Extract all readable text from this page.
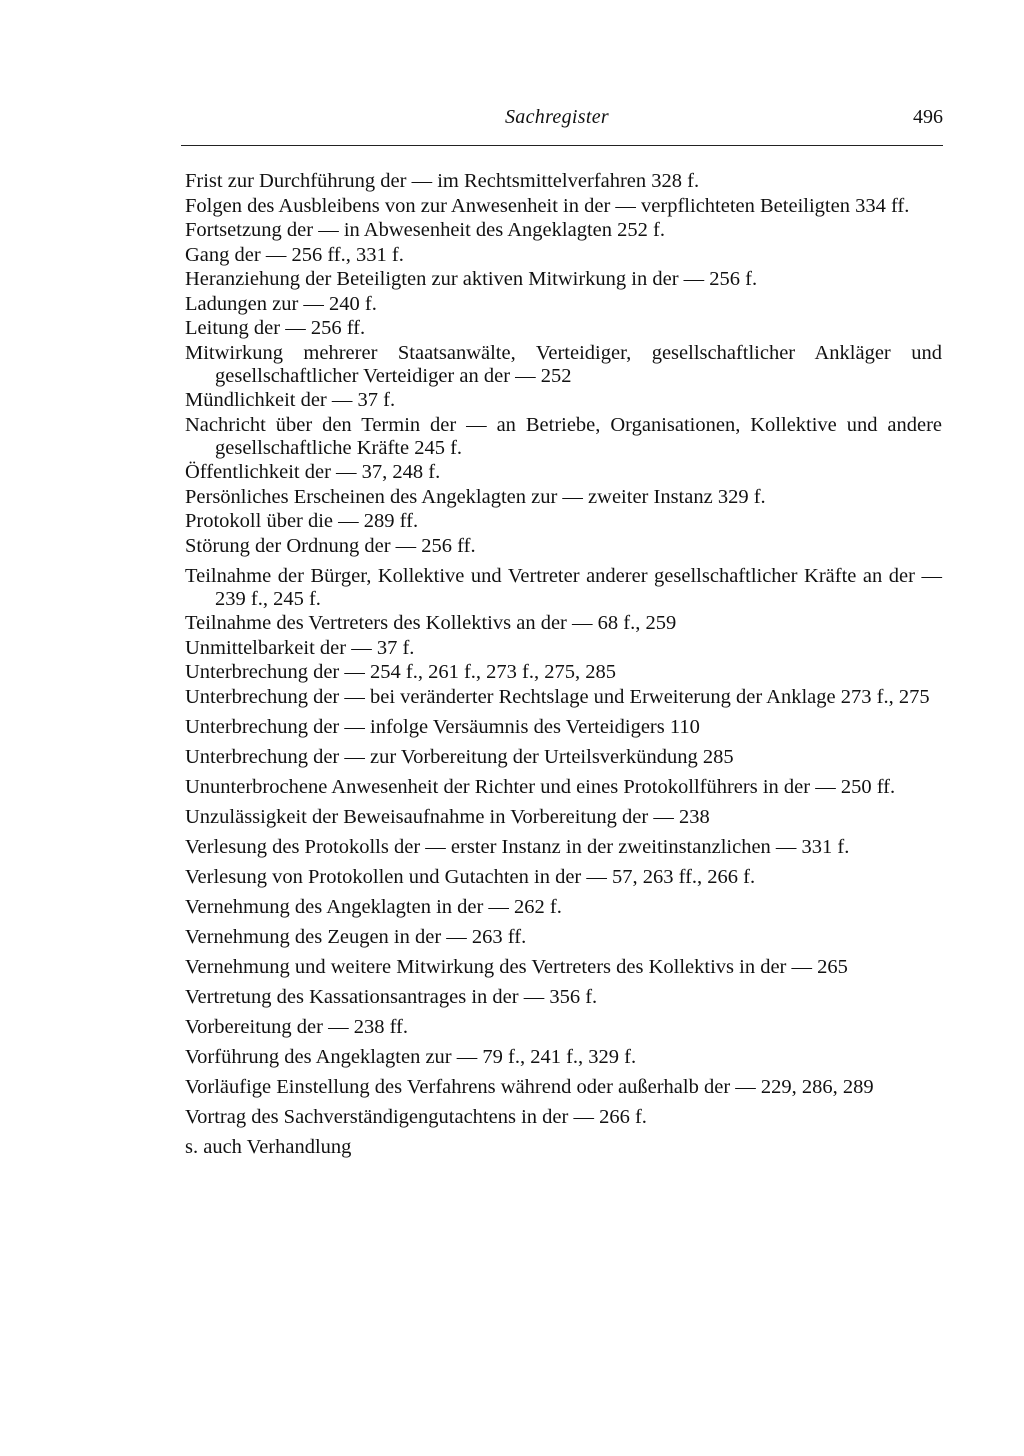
Sachregister	496
Frist zur Durchführung der — im Rechtsmittelverfahren 328 f.
Folgen des Ausbleibens von zur Anwesenheit in der — verpflichteten Beteiligten 334 ff.
Fortsetzung der — in Abwesenheit des Angeklagten 252 f.
Gang der — 256 ff., 331 f.
Heranziehung der Beteiligten zur aktiven Mitwirkung in der — 256 f.
Ladungen zur — 240 f.
Leitung der — 256 ff.
Mitwirkung mehrerer Staatsanwälte, Verteidiger, gesellschaftlicher Ankläger und gesellschaftlicher Verteidiger an der — 252
Mündlichkeit der — 37 f.
Nachricht über den Termin der — an Betriebe, Organisationen, Kollektive und andere gesellschaftliche Kräfte 245 f.
Öffentlichkeit der — 37, 248 f.
Persönliches Erscheinen des Angeklagten zur — zweiter Instanz 329 f.
Protokoll über die — 289 ff.
Störung der Ordnung der — 256 ff.
Teilnahme der Bürger, Kollektive und Vertreter anderer gesellschaftlicher Kräfte an der — 239 f., 245 f.
Teilnahme des Vertreters des Kollektivs an der — 68 f., 259
Unmittelbarkeit der — 37 f.
Unterbrechung der — 254 f., 261 f., 273 f., 275, 285
Unterbrechung der — bei veränderter Rechtslage und Erweiterung der Anklage 273 f., 275
Unterbrechung der — infolge Versäumnis des Verteidigers 110
Unterbrechung der — zur Vorbereitung der Urteilsverkündung 285
Ununterbrochene Anwesenheit der Richter und eines Protokollführers in der — 250 ff.
Unzulässigkeit der Beweisaufnahme in Vorbereitung der — 238
Verlesung des Protokolls der — erster Instanz in der zweitinstanzlichen — 331 f.
Verlesung von Protokollen und Gutachten in der — 57, 263 ff., 266 f.
Vernehmung des Angeklagten in der — 262 f.
Vernehmung des Zeugen in der — 263 ff.
Vernehmung und weitere Mitwirkung des Vertreters des Kollektivs in der — 265
Vertretung des Kassationsantrages in der — 356 f.
Vorbereitung der — 238 ff.
Vorführung des Angeklagten zur — 79 f., 241 f., 329 f.
Vorläufige Einstellung des Verfahrens während oder außerhalb der — 229, 286, 289
Vortrag des Sachverständigengutachtens in der — 266 f.
s. auch Verhandlung
